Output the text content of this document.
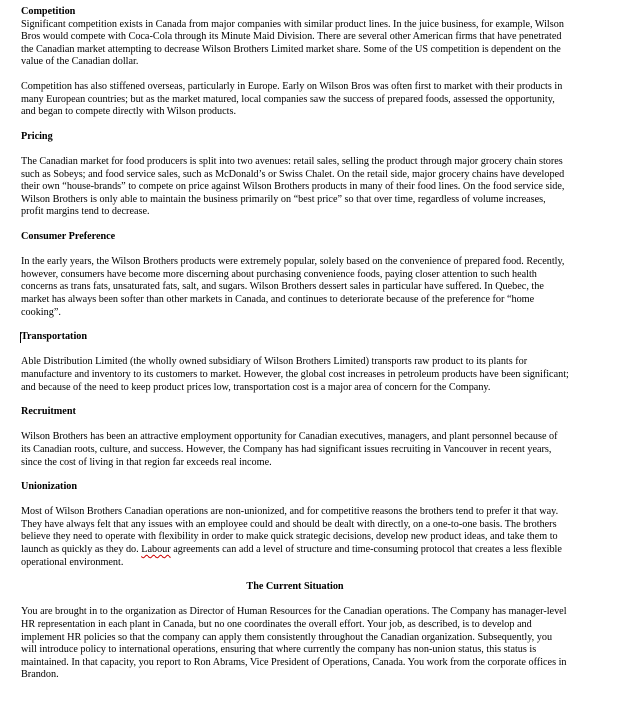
Competition

Significant competition exists in Canada from major companies with similar product lines. In the juice business, for example, Wilson Bros would compete with Coca-Cola through its Minute Maid Division. There are several other American firms that have penetrated the Canadian market attempting to decrease Wilson Brothers Limited market share. Some of the US competition is dependent on the value of the Canadian dollar.

Competition has also stiffened overseas, particularly in Europe. Early on Wilson Bros was often first to market with their products in many European countries; but as the market matured, local companies saw the success of prepared foods, assessed the opportunity, and began to compete directly with Wilson products.

Pricing

The Canadian market for food producers is split into two avenues: retail sales, selling the product through major grocery chain stores such as Sobeys; and food service sales, such as McDonald’s or Swiss Chalet. On the retail side, major grocery chains have developed their own “house-brands” to compete on price against Wilson Brothers products in many of their food lines. On the food service side, Wilson Brothers is only able to maintain the business primarily on “best price” so that over time, regardless of volume increases, profit margins tend to decrease.

Consumer Preference

In the early years, the Wilson Brothers products were extremely popular, solely based on the convenience of prepared food. Recently, however, consumers have become more discerning about purchasing convenience foods, paying closer attention to such health concerns as trans fats, unsaturated fats, salt, and sugars. Wilson Brothers dessert sales in particular have suffered. In Quebec, the market has always been softer than other markets in Canada, and continues to deteriorate because of the preference for “home cooking”.

Transportation

Able Distribution Limited (the wholly owned subsidiary of Wilson Brothers Limited) transports raw product to its plants for manufacture and inventory to its customers to market. However, the global cost increases in petroleum products have been significant; and because of the need to keep product prices low, transportation cost is a major area of concern for the Company.

Recruitment

Wilson Brothers has been an attractive employment opportunity for Canadian executives, managers, and plant personnel because of its Canadian roots, culture, and success. However, the Company has had significant issues recruiting in Vancouver in recent years, since the cost of living in that region far exceeds real income.

Unionization

Most of Wilson Brothers Canadian operations are non-unionized, and for competitive reasons the brothers tend to prefer it that way. They have always felt that any issues with an employee could and should be dealt with directly, on a one-to-one basis. The brothers believe they need to operate with flexibility in order to make quick strategic decisions, develop new product ideas, and take them to launch as quickly as they do. Labour agreements can add a level of structure and time-consuming protocol that creates a less flexible operational environment.

The Current Situation

You are brought in to the organization as Director of Human Resources for the Canadian operations. The Company has manager-level HR representation in each plant in Canada, but no one coordinates the overall effort. Your job, as described, is to develop and implement HR policies so that the company can apply them consistently throughout the Canadian organization. Subsequently, you will introduce policy to international operations, ensuring that where currently the company has non-union status, this status is maintained. In that capacity, you report to Ron Abrams, Vice President of Operations, Canada. You work from the corporate offices in Brandon.
